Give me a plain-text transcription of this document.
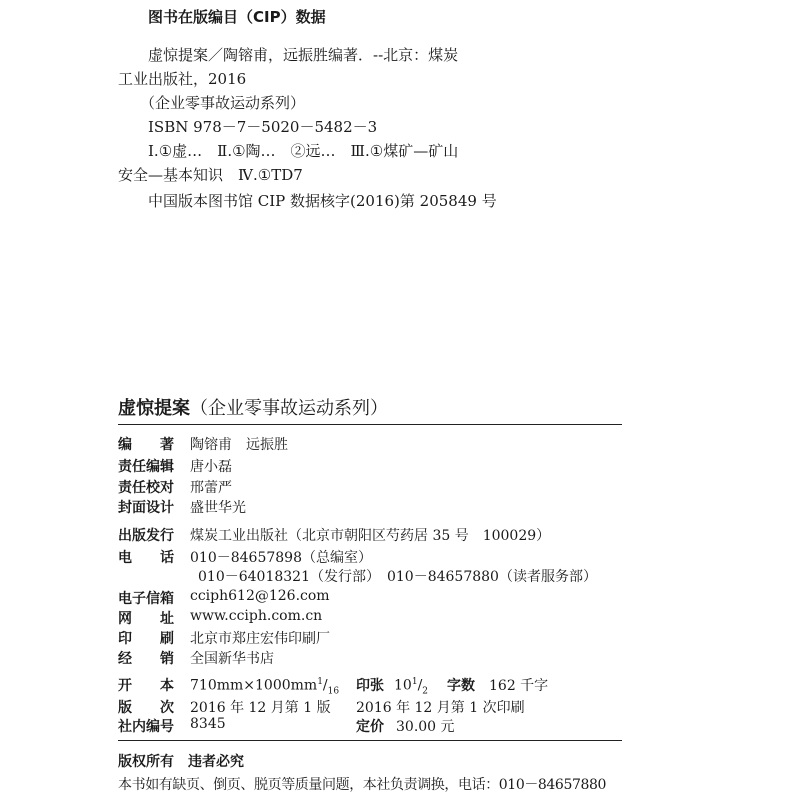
图书在版编目（CIP）数据
虚惊提案／陶镕甫，远振胜编著．--北京：煤炭
工业出版社，2016
（企业零事故运动系列）
ISBN 978－7－5020－5482－3
Ⅰ.①虚…　Ⅱ.①陶…　②远…　Ⅲ.①煤矿—矿山
安全—基本知识　Ⅳ.①TD7
中国版本图书馆 CIP 数据核字(2016)第 205849 号
虚惊提案（企业零事故运动系列）
编　　著 陶镕甫　远振胜
责任编辑 唐小磊
责任校对 邢蕾严
封面设计 盛世华光
出版发行 煤炭工业出版社（北京市朝阳区芍药居 35 号　100029）
电　　话 010－84657898（总编室）
010－64018321（发行部）　010－84657880（读者服务部）
电子信箱 cciph612@126.com
网　　址 www.cciph.com.cn
印　　刷 北京市郑庄宏伟印刷厂
经　　销 全国新华书店
开　　本 $710mm\times 1000mm^1/_{16}$ 印张 $10^1/_2$ 字数 162 千字
版　　次 2016 年 12 月第 1 版 2016 年 12 月第 1 次印刷
社内编号 8345	定价 30.00 元
版权所有 违者必究
本书如有缺页、倒页、脱页等质量问题，本社负责调换，电话：010－84657880
